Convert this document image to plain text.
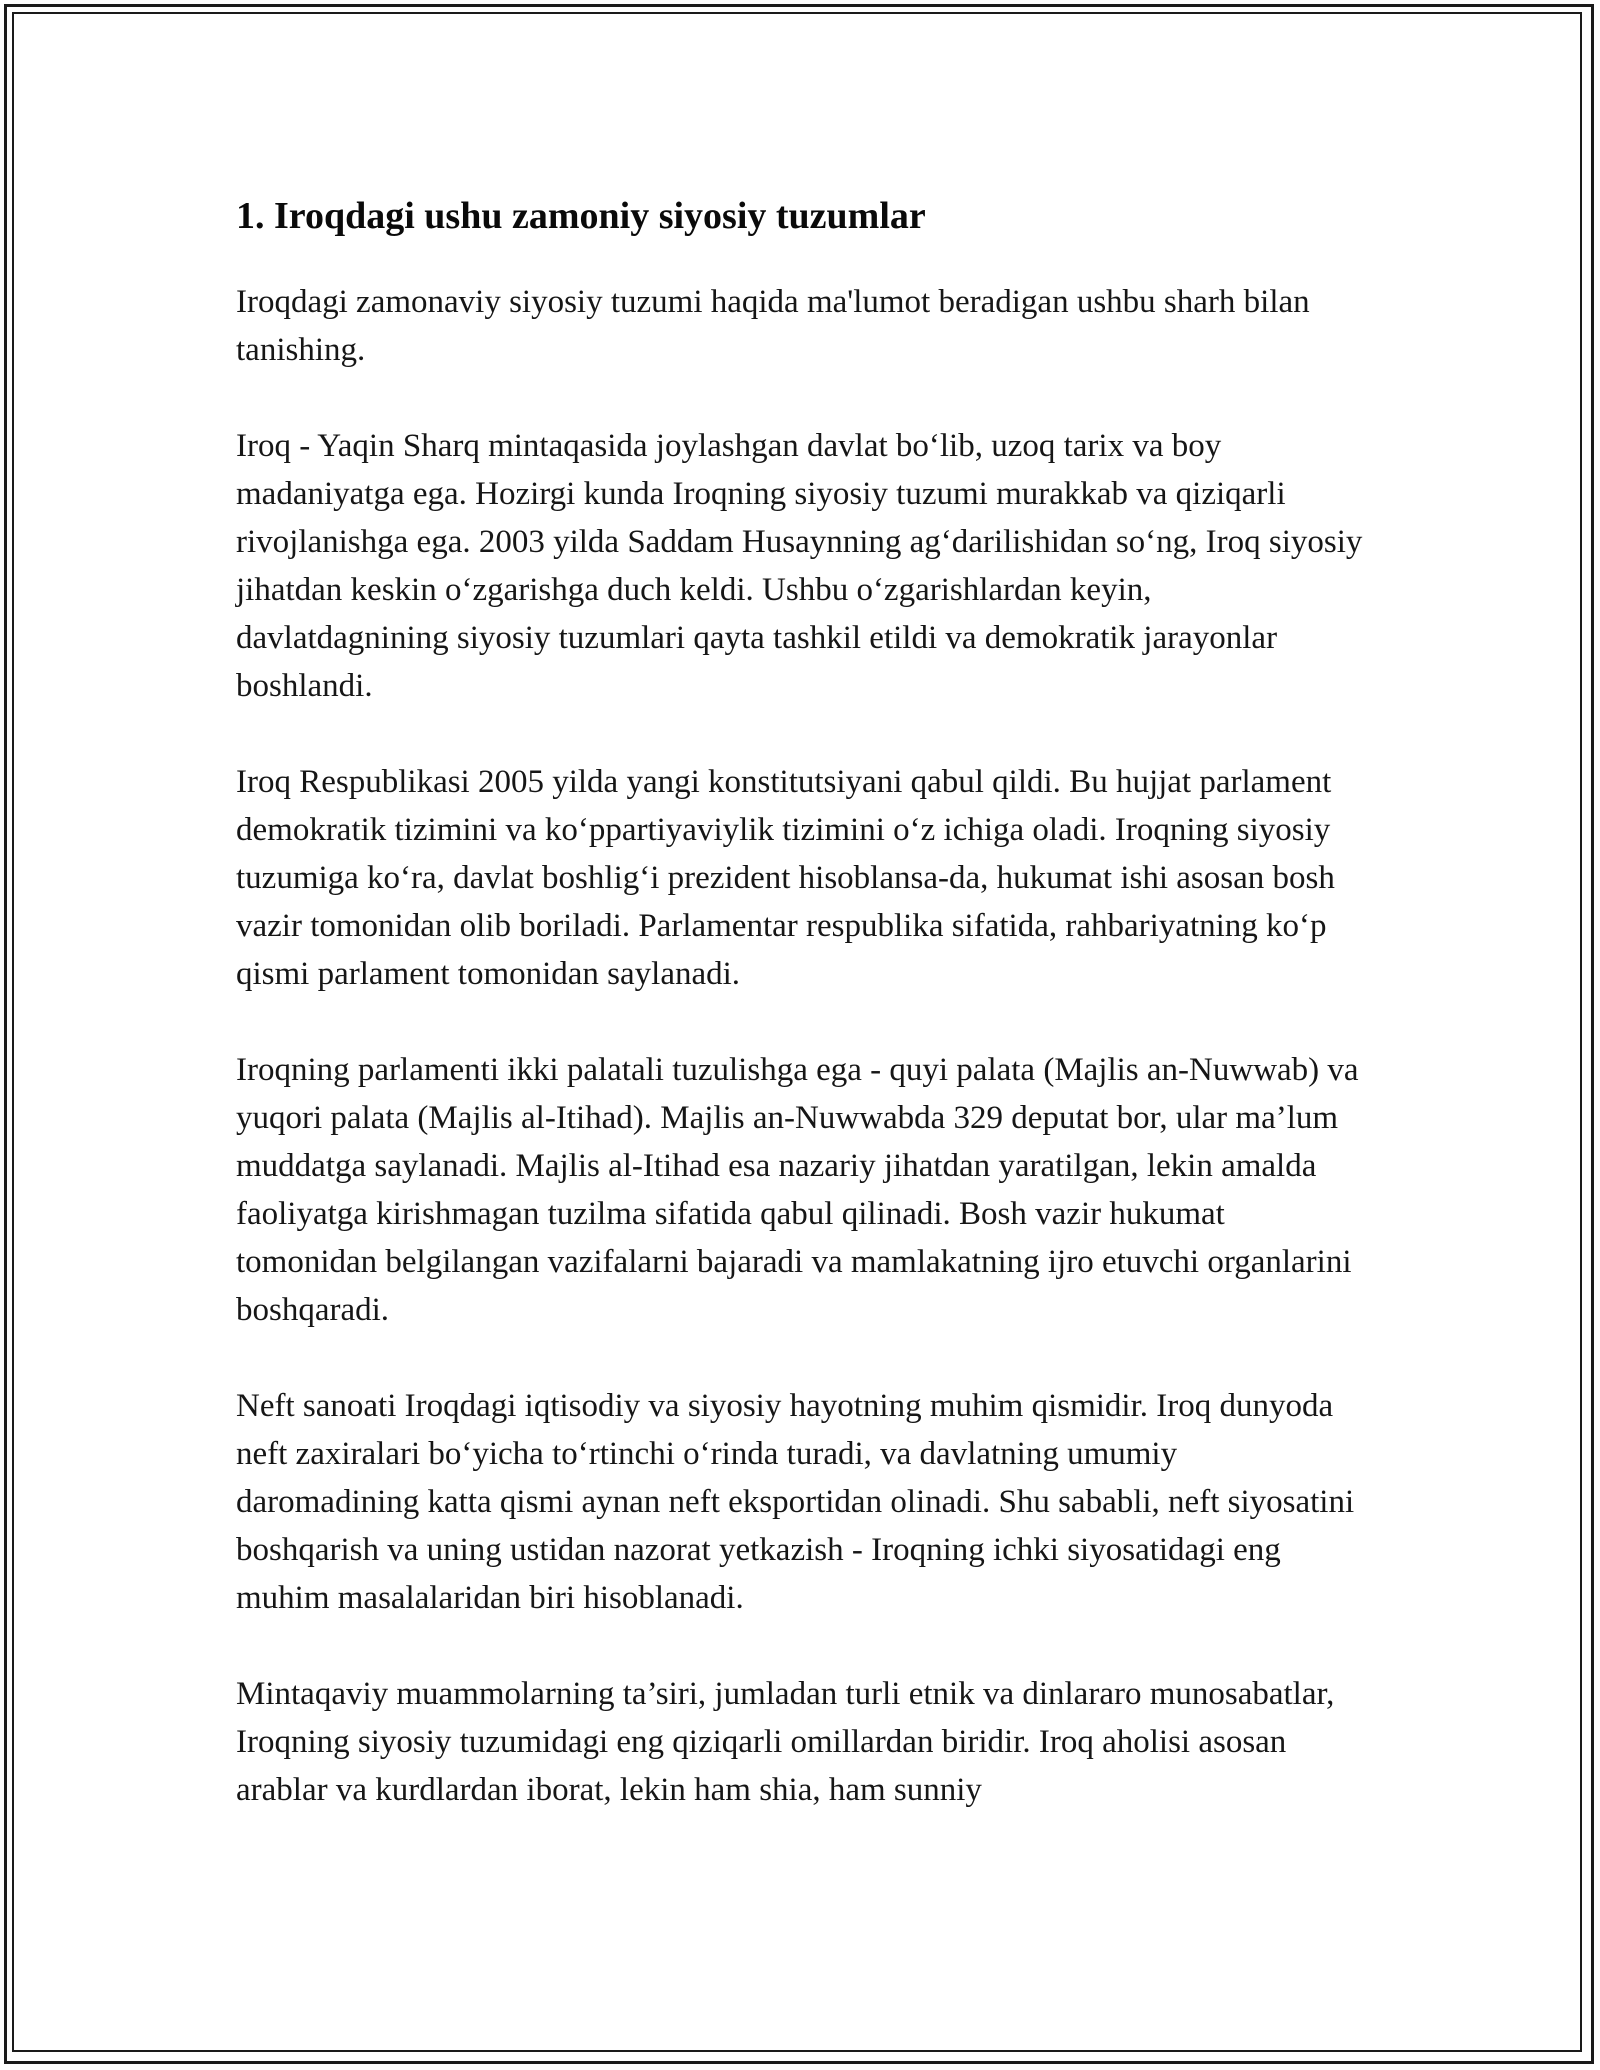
1. Iroqdagi ushu zamoniy siyosiy tuzumlar

Iroqdagi zamonaviy siyosiy tuzumi haqida ma'lumot beradigan ushbu sharh bilan tanishing.

Iroq - Yaqin Sharq mintaqasida joylashgan davlat bo‘lib, uzoq tarix va boy madaniyatga ega. Hozirgi kunda Iroqning siyosiy tuzumi murakkab va qiziqarli rivojlanishga ega. 2003 yilda Saddam Husaynning ag‘darilishidan so‘ng, Iroq siyosiy jihatdan keskin o‘zgarishga duch keldi. Ushbu o‘zgarishlardan keyin, davlatdagnining siyosiy tuzumlari qayta tashkil etildi va demokratik jarayonlar boshlandi.

Iroq Respublikasi 2005 yilda yangi konstitutsiyani qabul qildi. Bu hujjat parlament demokratik tizimini va ko‘ppartiyaviylik tizimini o‘z ichiga oladi. Iroqning siyosiy tuzumiga ko‘ra, davlat boshlig‘i prezident hisoblansa-da, hukumat ishi asosan bosh vazir tomonidan olib boriladi. Parlamentar respublika sifatida, rahbariyatning ko‘p qismi parlament tomonidan saylanadi.

Iroqning parlamenti ikki palatali tuzulishga ega - quyi palata (Majlis an-Nuwwab) va yuqori palata (Majlis al-Itihad). Majlis an-Nuwwabda 329 deputat bor, ular ma’lum muddatga saylanadi. Majlis al-Itihad esa nazariy jihatdan yaratilgan, lekin amalda faoliyatga kirishmagan tuzilma sifatida qabul qilinadi. Bosh vazir hukumat tomonidan belgilangan vazifalarni bajaradi va mamlakatning ijro etuvchi organlarini boshqaradi.

Neft sanoati Iroqdagi iqtisodiy va siyosiy hayotning muhim qismidir. Iroq dunyoda neft zaxiralari bo‘yicha to‘rtinchi o‘rinda turadi, va davlatning umumiy daromadining katta qismi aynan neft eksportidan olinadi. Shu sababli, neft siyosatini boshqarish va uning ustidan nazorat yetkazish - Iroqning ichki siyosatidagi eng muhim masalalaridan biri hisoblanadi.

Mintaqaviy muammolarning ta’siri, jumladan turli etnik va dinlararo munosabatlar, Iroqning siyosiy tuzumidagi eng qiziqarli omillardan biridir. Iroq aholisi asosan arablar va kurdlardan iborat, lekin ham shia, ham sunniy
